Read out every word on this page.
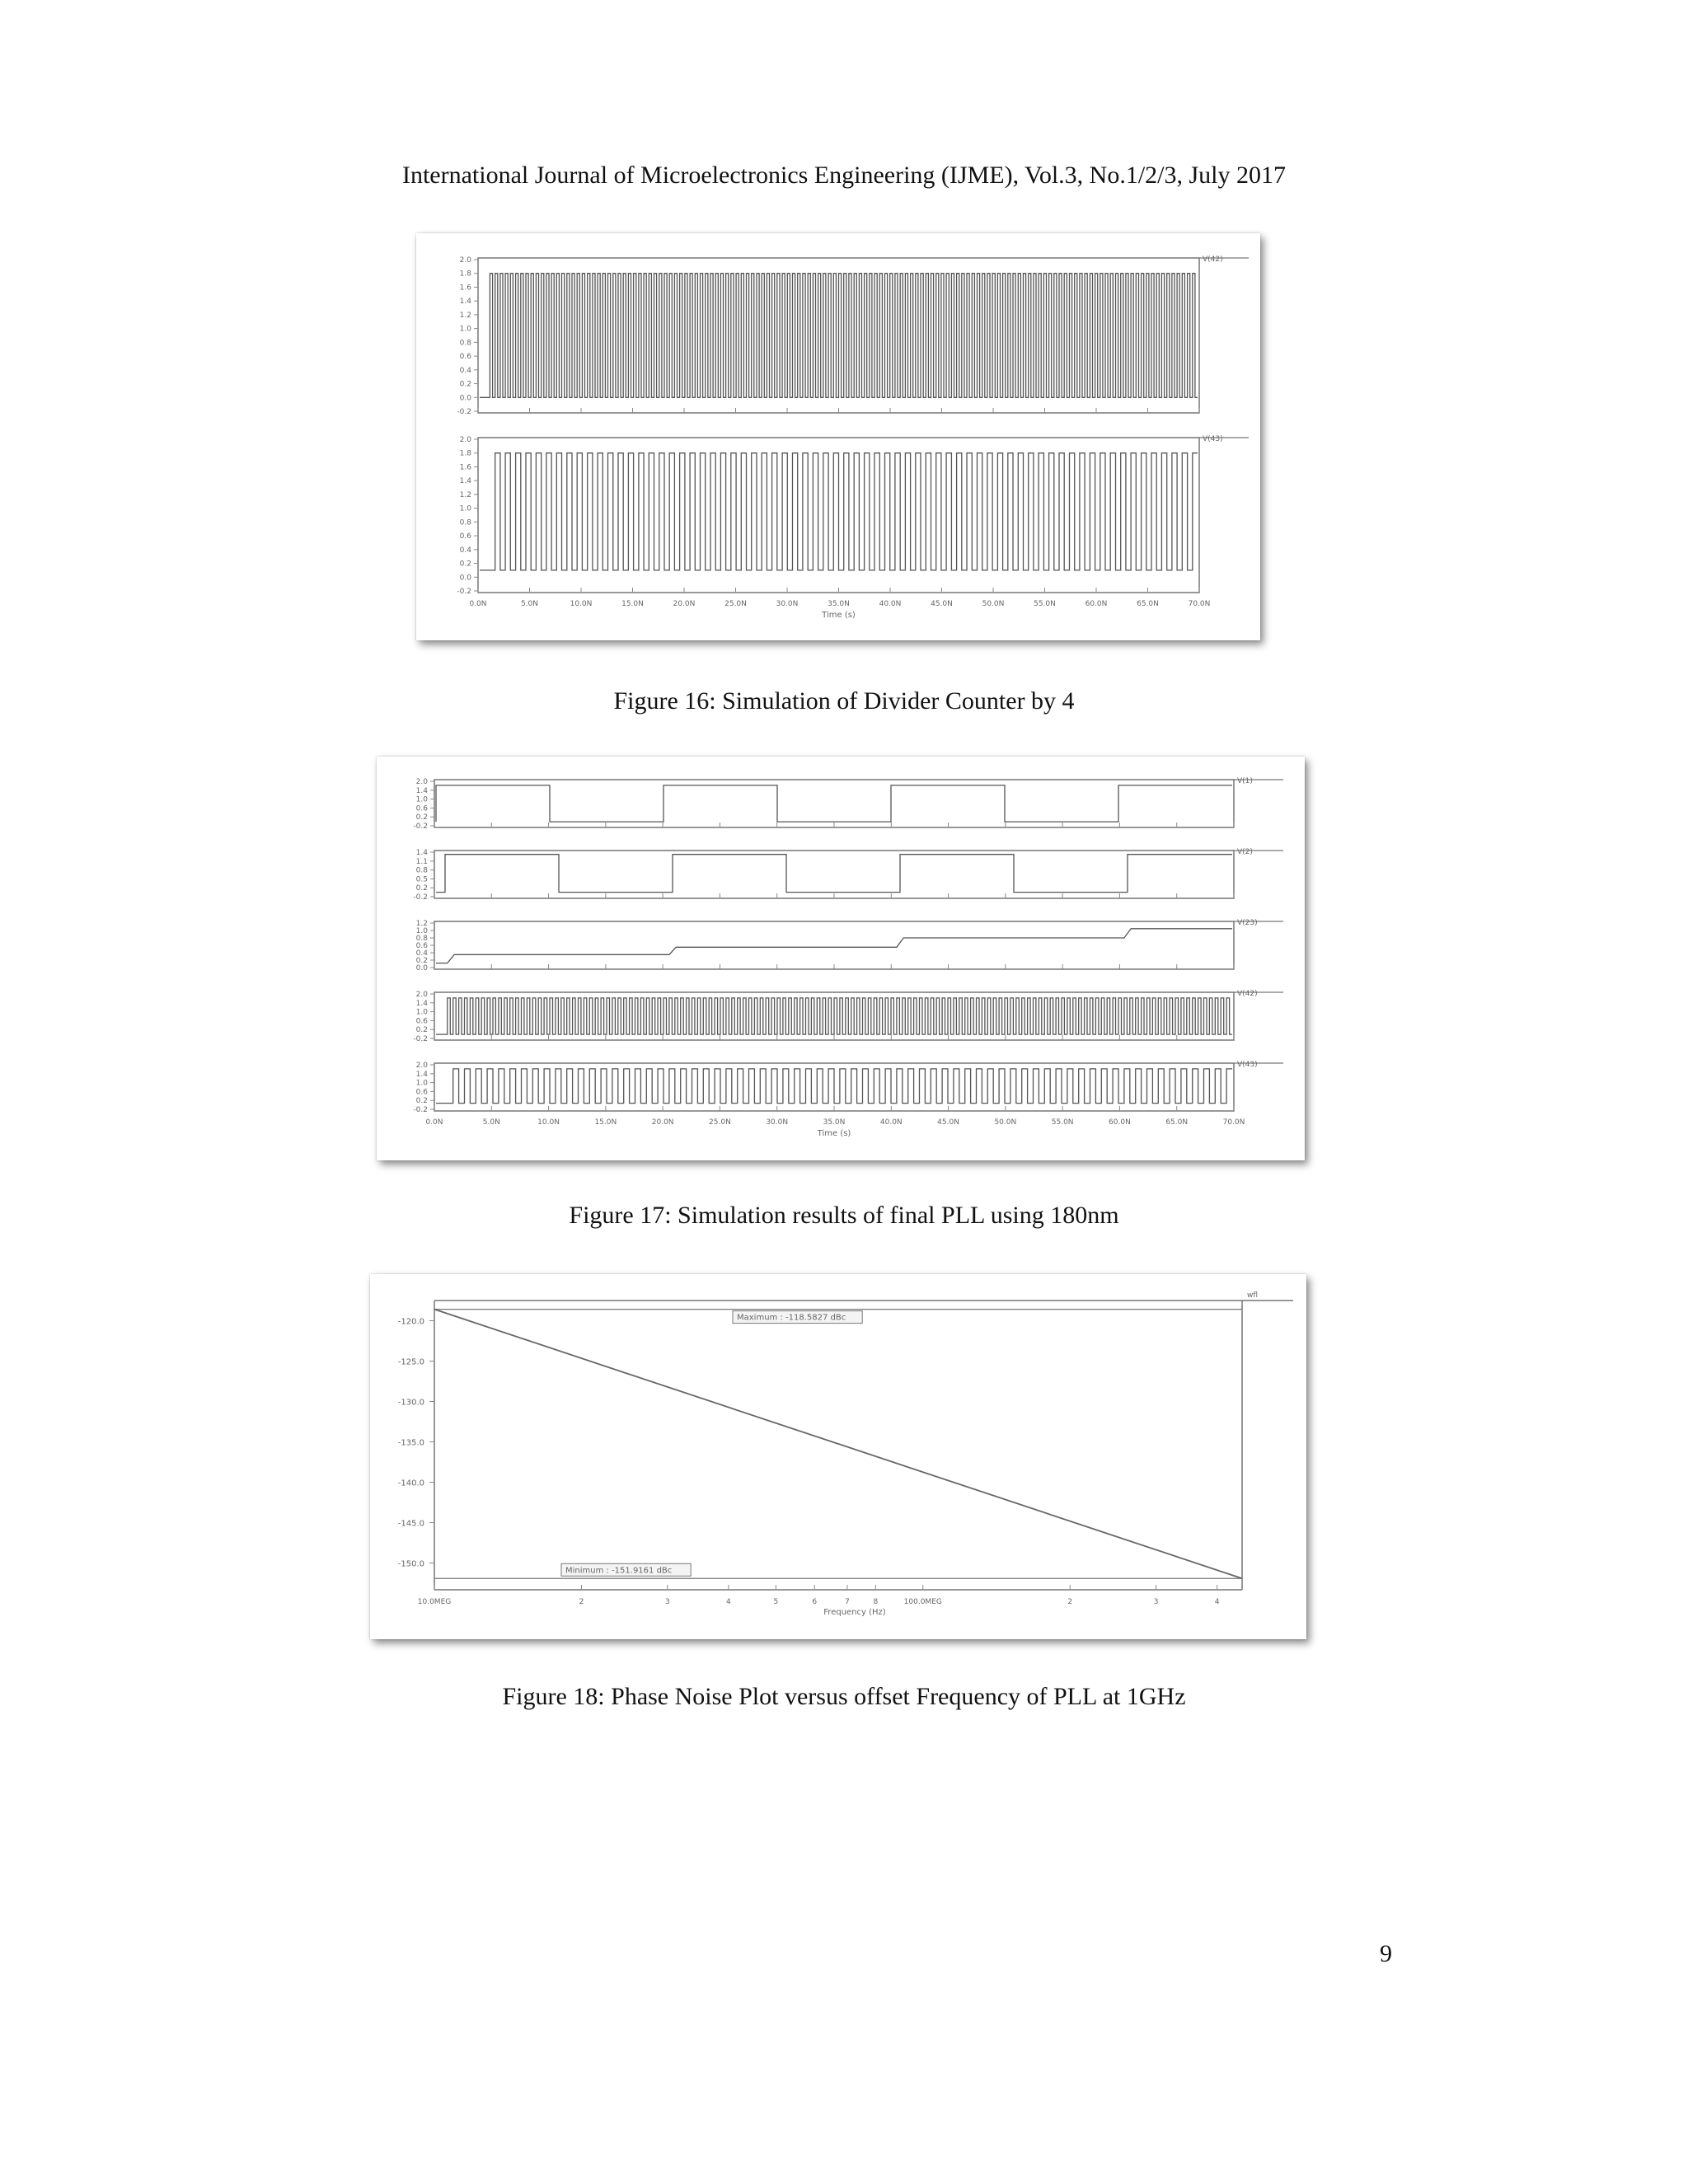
International Journal of Microelectronics Engineering (IJME), Vol.3, No.1/2/3, July 2017
V(42)
2.0
1.8
1.6
1.4
1.2
1.0
0.8
0.6
0.4
0.2
0.0
-0.2
V(43)
2.0
1.8
1.6
1.4
1.2
1.0
0.8
0.6
0.4
0.2
0.0
-0.2
0.0N	5.0N	10.0N	15.0N	20.0N	25.0N	30.0N	35.0N	40.0N	45.0N	50.0N	55.0N	60.0N	65.0N	70.0N
Time (s)
Figure 16: Simulation of Divider Counter by 4
V(1)
2.0
1.4
1.0
0.6
0.2
-0.2
V(2)
1.4
1.1
0.8
0.5
0.2
-0.2
V(23)
1.2
1.0
0.8
0.6
0.4
0.2
0.0
V(42)
2.0
1.4
1.0
0.6
0.2
-0.2
V(43)
2.0
1.4
1.0
0.6
0.2
-0.2
0.0N	5.0N	10.0N	15.0N	20.0N	25.0N	30.0N	35.0N	40.0N	45.0N	50.0N	55.0N	60.0N	65.0N	70.0N
Time (s)
Figure 17: Simulation results of final PLL using 180nm
wfl
-120.0
-125.0
-130.0
-135.0
-140.0
-145.0
-150.0
10.0MEG	2	3	4	5	6	7	8	100.0MEG	2	3	4
Frequency (Hz)
Maximum : -118.5827 dBc
Minimum : -151.9161 dBc
Figure 18: Phase Noise Plot versus offset Frequency of PLL at 1GHz
9
